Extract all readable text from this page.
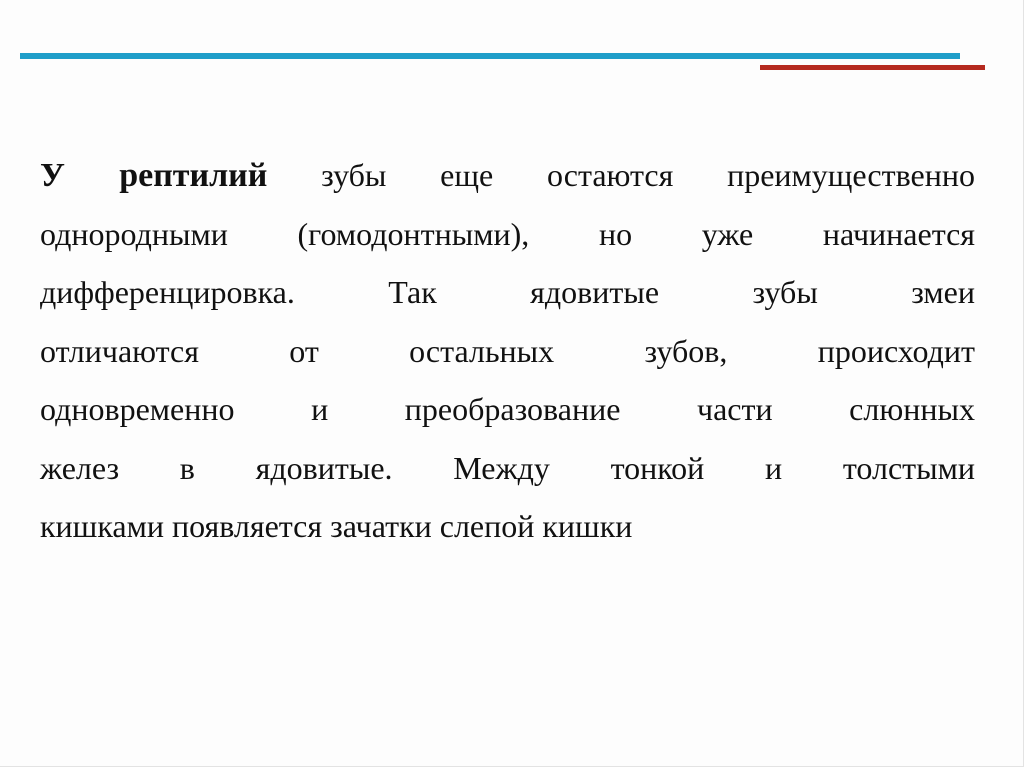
У рептилий зубы еще остаются преимущественно
однородными (гомодонтными), но уже начинается
дифференцировка. Так ядовитые зубы змеи
отличаются от остальных зубов, происходит
одновременно и преобразование части слюнных
желез в ядовитые. Между тонкой и толстыми
кишками появляется зачатки слепой кишки
